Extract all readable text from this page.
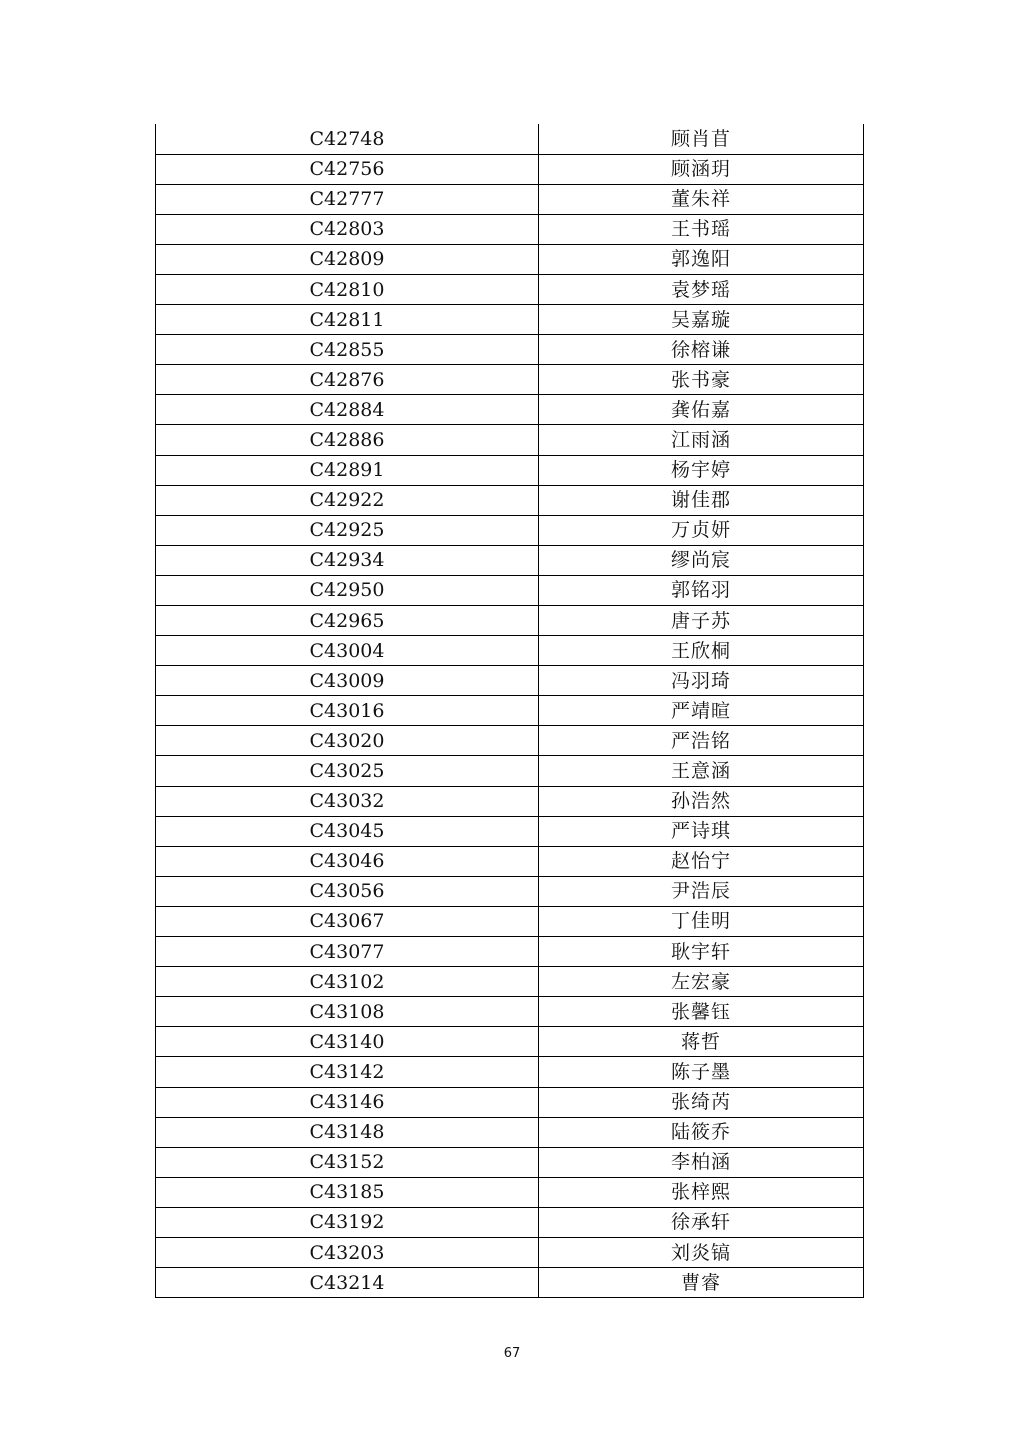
C42748	顾肖苜
C42756	顾涵玥
C42777	董朱祥
C42803	王书瑶
C42809	郭逸阳
C42810	袁梦瑶
C42811	吴嘉璇
C42855	徐榕谦
C42876	张书豪
C42884	龚佑嘉
C42886	江雨涵
C42891	杨宇婷
C42922	谢佳郡
C42925	万贞妍
C42934	缪尚宸
C42950	郭铭羽
C42965	唐子苏
C43004	王欣桐
C43009	冯羽琦
C43016	严靖暄
C43020	严浩铭
C43025	王意涵
C43032	孙浩然
C43045	严诗琪
C43046	赵怡宁
C43056	尹浩辰
C43067	丁佳明
C43077	耿宇轩
C43102	左宏豪
C43108	张馨钰
C43140	蒋哲
C43142	陈子墨
C43146	张绮芮
C43148	陆筱乔
C43152	李柏涵
C43185	张梓熙
C43192	徐承轩
C43203	刘炎镐
C43214	曹睿
67
